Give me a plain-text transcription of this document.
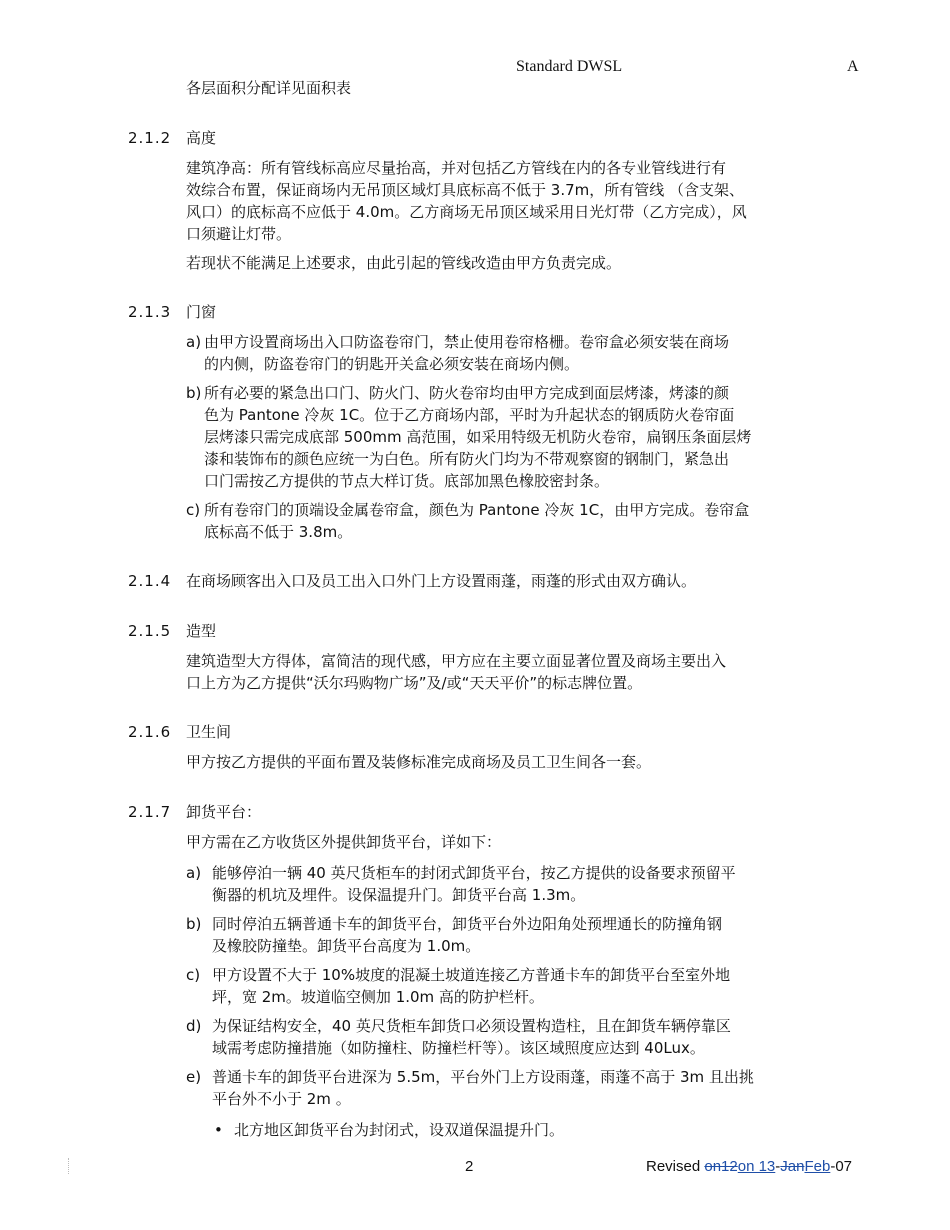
Standard DWSL	A
各层面积分配详见面积表
2.1.2 高度
建筑净高：所有管线标高应尽量抬高，并对包括乙方管线在内的各专业管线进行有
效综合布置，保证商场内无吊顶区域灯具底标高不低于 3.7m，所有管线 （含支架、
风口）的底标高不应低于 4.0m。乙方商场无吊顶区域采用日光灯带（乙方完成），风
口须避让灯带。
若现状不能满足上述要求，由此引起的管线改造由甲方负责完成。
2.1.3 门窗
a) 由甲方设置商场出入口防盗卷帘门，禁止使用卷帘格栅。卷帘盒必须安装在商场
的内侧，防盗卷帘门的钥匙开关盒必须安装在商场内侧。
b) 所有必要的紧急出口门、防火门、防火卷帘均由甲方完成到面层烤漆，烤漆的颜
色为 Pantone 冷灰 1C。位于乙方商场内部，平时为升起状态的钢质防火卷帘面
层烤漆只需完成底部 500mm 高范围，如采用特级无机防火卷帘，扁钢压条面层烤
漆和装饰布的颜色应统一为白色。所有防火门均为不带观察窗的钢制门，紧急出
口门需按乙方提供的节点大样订货。底部加黑色橡胶密封条。
c) 所有卷帘门的顶端设金属卷帘盒，颜色为 Pantone 冷灰 1C，由甲方完成。卷帘盒
底标高不低于 3.8m。
2.1.4 在商场顾客出入口及员工出入口外门上方设置雨蓬，雨蓬的形式由双方确认。
2.1.5 造型
建筑造型大方得体，富简洁的现代感，甲方应在主要立面显著位置及商场主要出入
口上方为乙方提供“沃尔玛购物广场”及/或“天天平价”的标志牌位置。
2.1.6 卫生间
甲方按乙方提供的平面布置及装修标准完成商场及员工卫生间各一套。
2.1.7 卸货平台：
甲方需在乙方收货区外提供卸货平台，详如下：
a) 能够停泊一辆 40 英尺货柜车的封闭式卸货平台，按乙方提供的设备要求预留平
衡器的机坑及埋件。设保温提升门。卸货平台高 1.3m。
b) 同时停泊五辆普通卡车的卸货平台，卸货平台外边阳角处预埋通长的防撞角钢
及橡胶防撞垫。卸货平台高度为 1.0m。
c) 甲方设置不大于 10%坡度的混凝土坡道连接乙方普通卡车的卸货平台至室外地
坪，宽 2m。坡道临空侧加 1.0m 高的防护栏杆。
d) 为保证结构安全，40 英尺货柜车卸货口必须设置构造柱，且在卸货车辆停靠区
域需考虑防撞措施（如防撞柱、防撞栏杆等）。该区域照度应达到 40Lux。
e) 普通卡车的卸货平台进深为 5.5m，平台外门上方设雨蓬，雨蓬不高于 3m 且出挑
平台外不小于 2m 。
• 北方地区卸货平台为封闭式，设双道保温提升门。
2	Revised on12on 13-JanFeb-07
